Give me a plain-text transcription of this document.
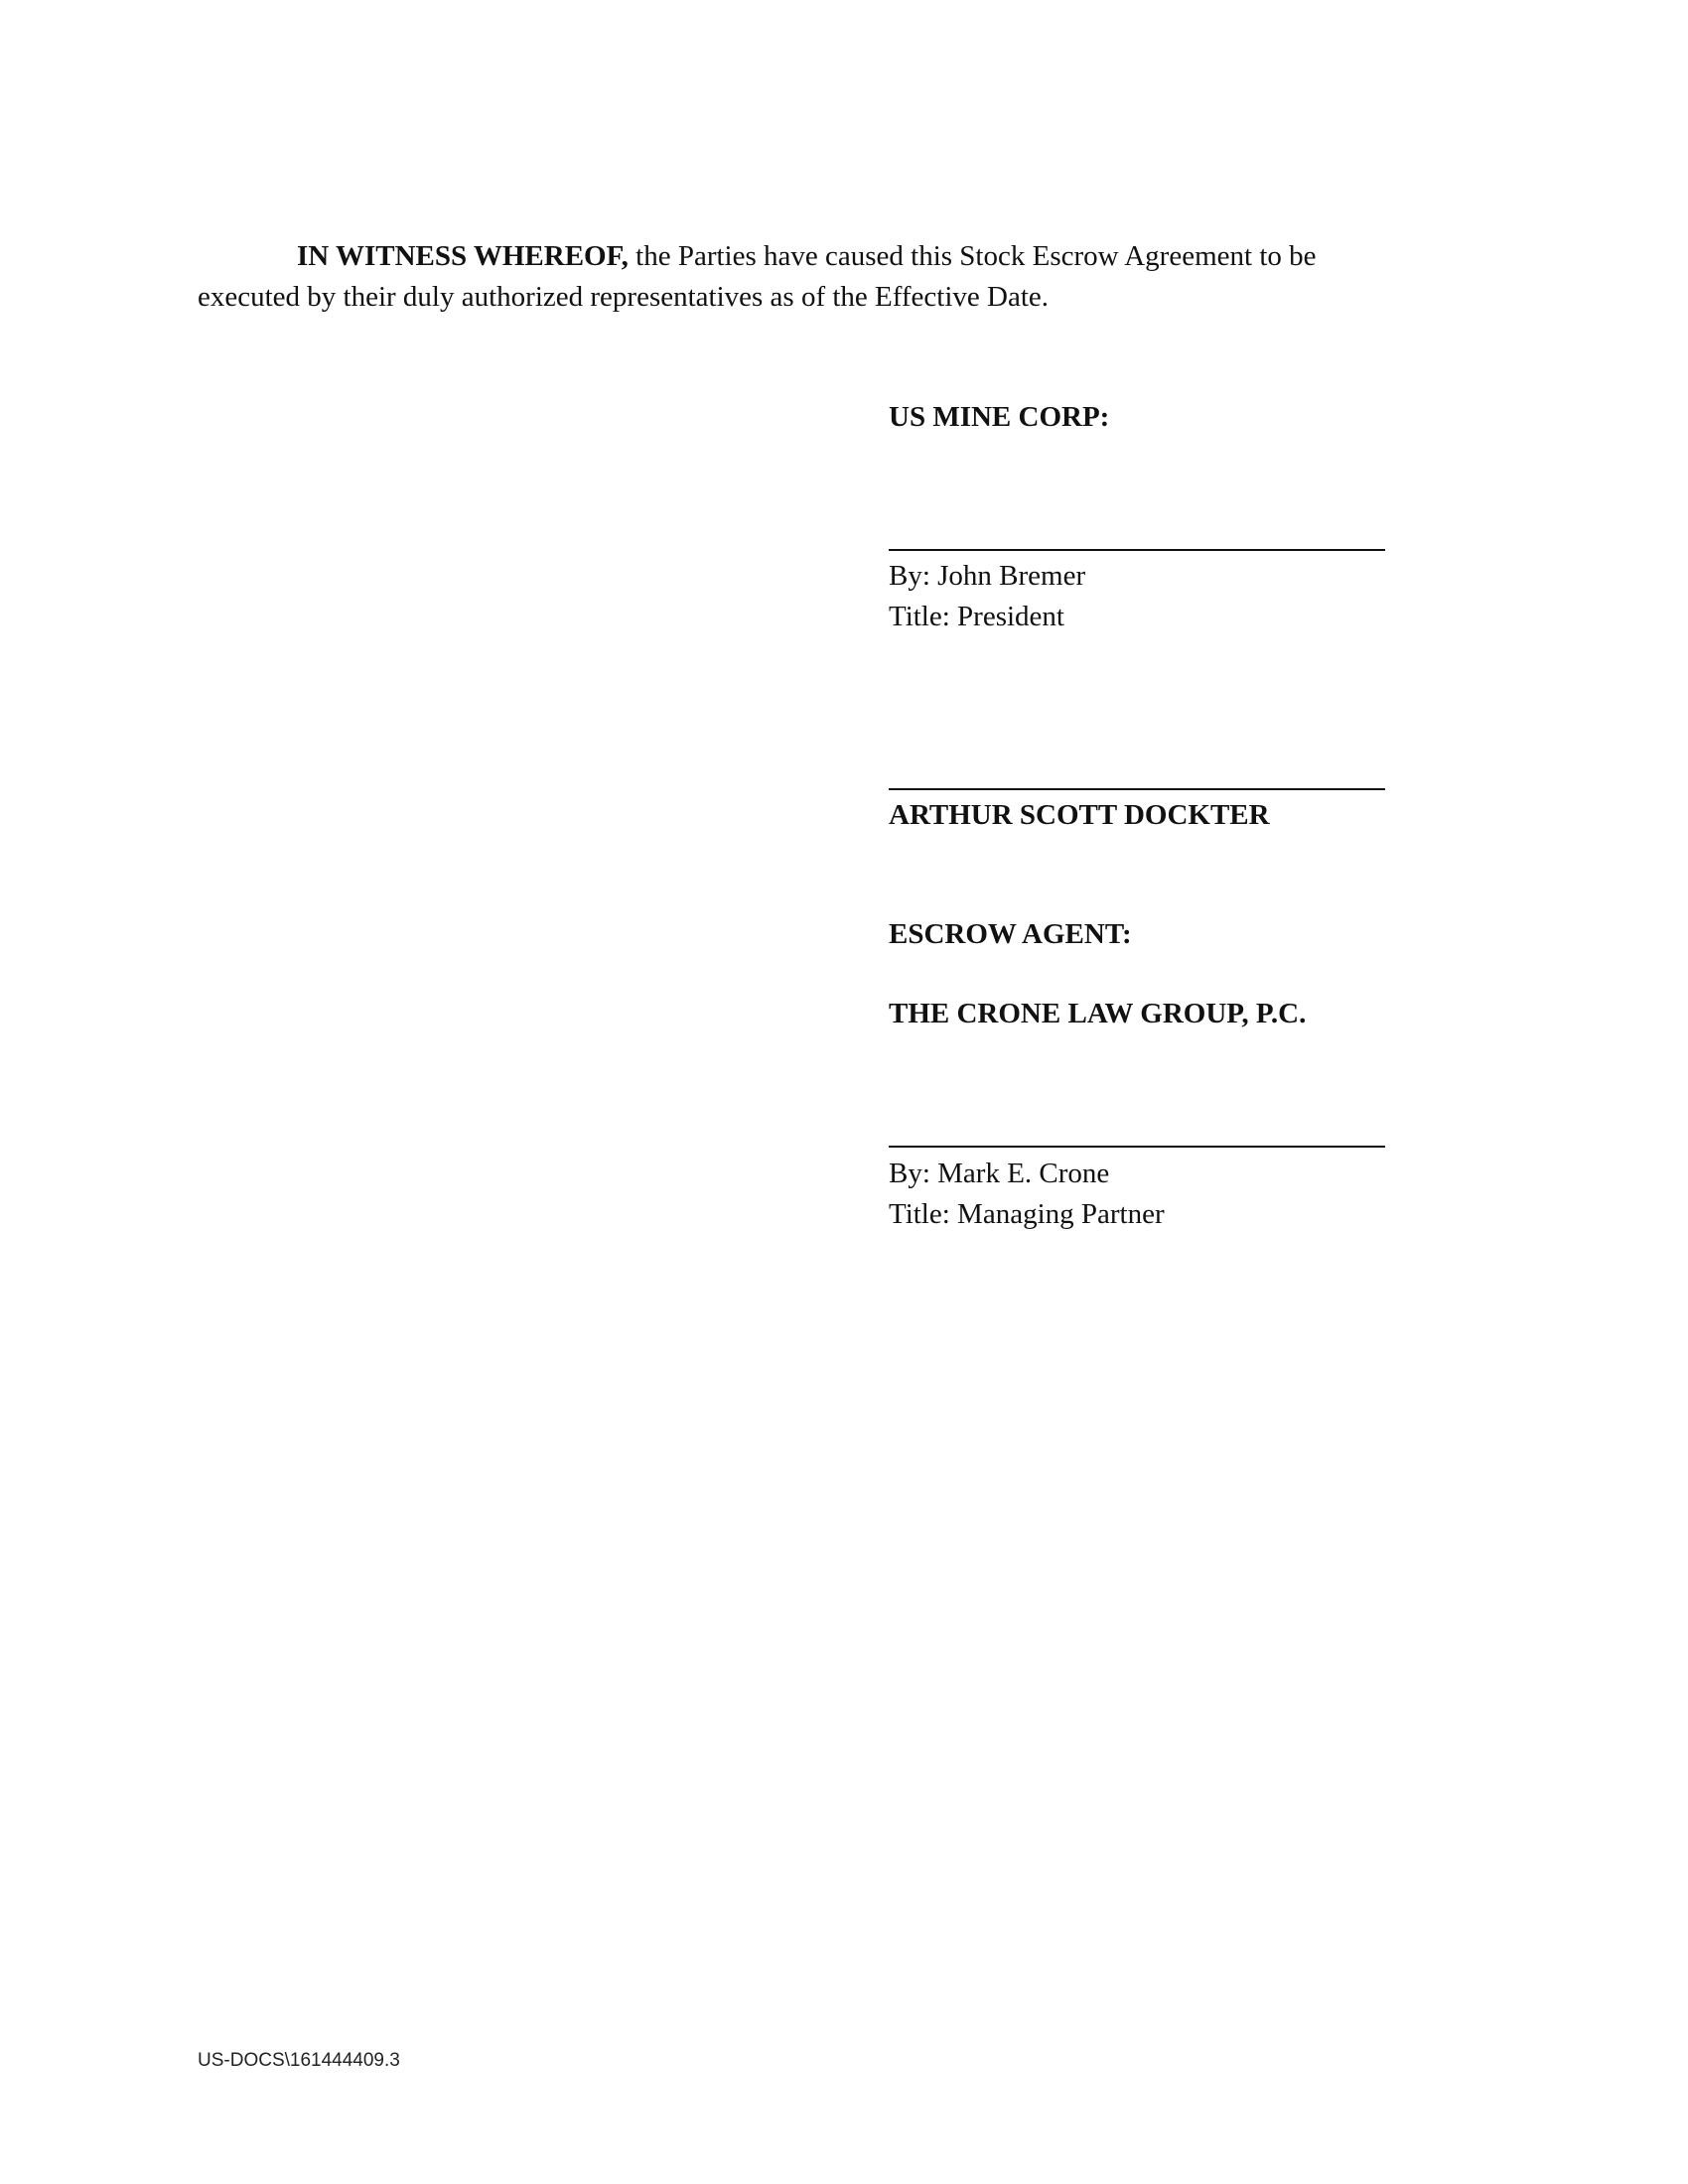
IN WITNESS WHEREOF, the Parties have caused this Stock Escrow Agreement to be executed by their duly authorized representatives as of the Effective Date.

US MINE CORP:
By: John Bremer
Title: President
ARTHUR SCOTT DOCKTER
ESCROW AGENT:
THE CRONE LAW GROUP, P.C.
By: Mark E. Crone
Title: Managing Partner
US-DOCS\161444409.3
